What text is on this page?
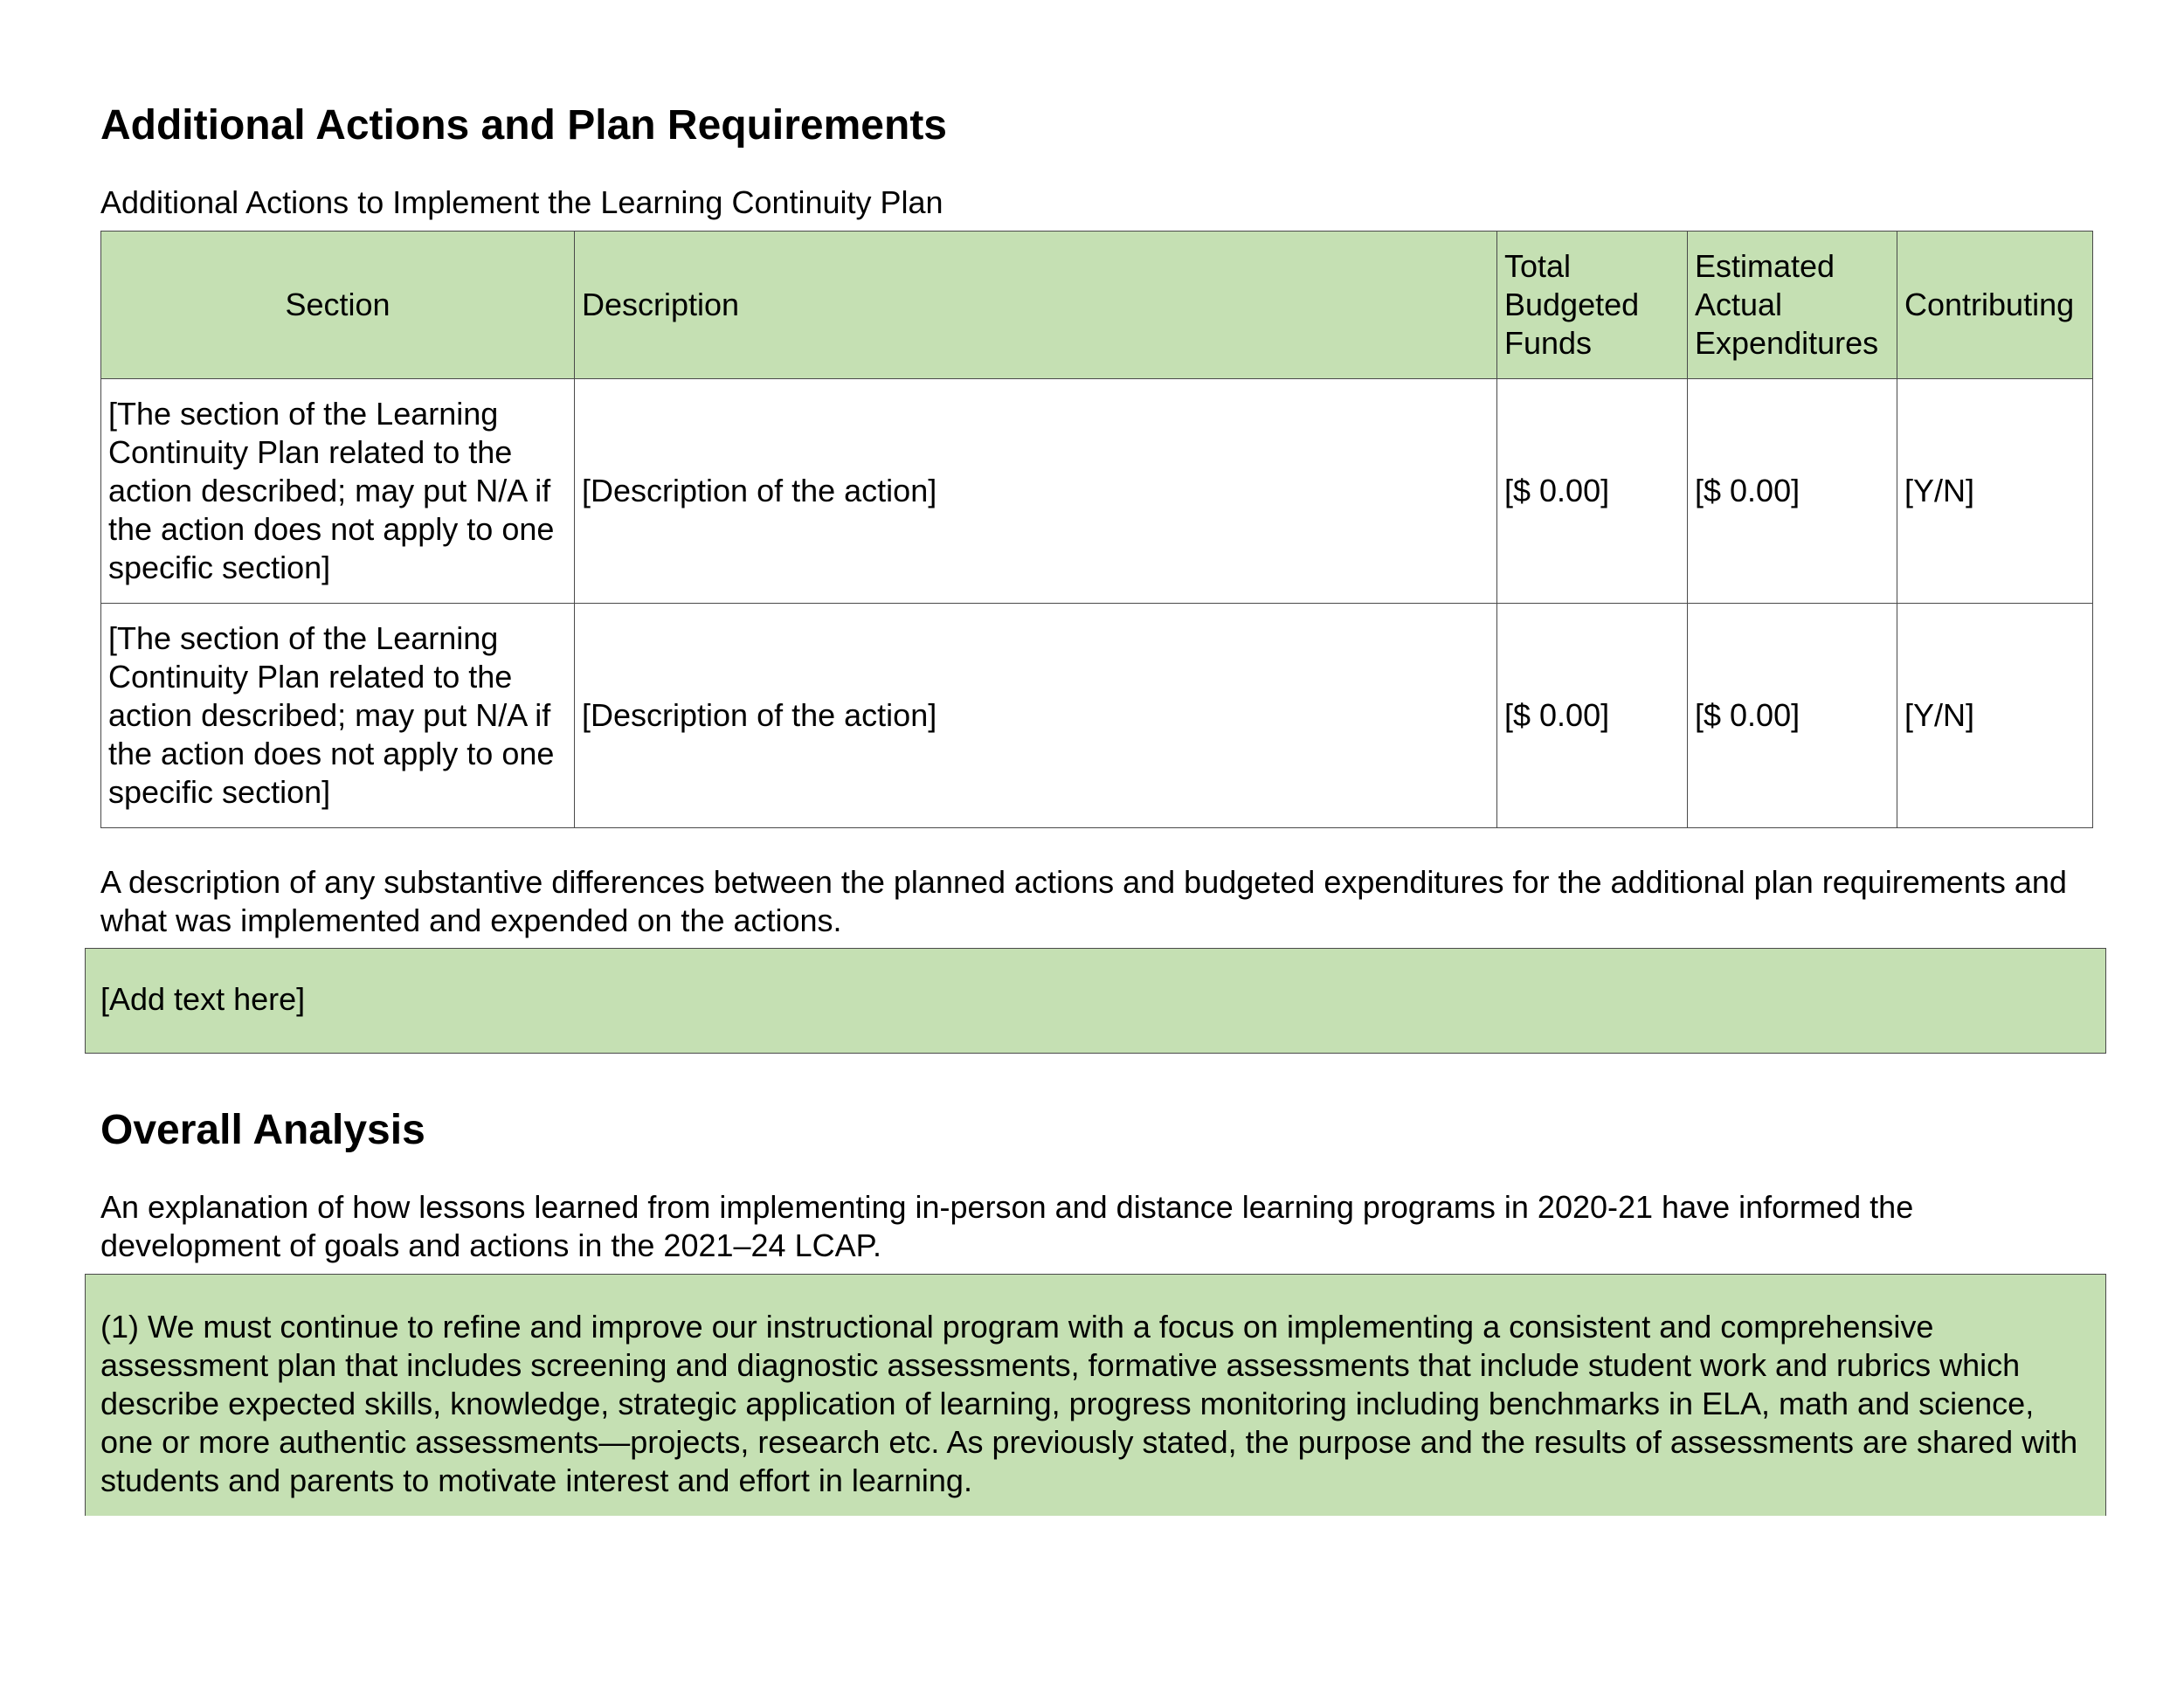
Additional Actions and Plan Requirements

Additional Actions to Implement the Learning Continuity Plan

Section	Description	Total Budgeted Funds	Estimated Actual Expenditures	Contributing
[The section of the Learning Continuity Plan related to the action described; may put N/A if the action does not apply to one specific section]	[Description of the action]	[$ 0.00]	[$ 0.00]	[Y/N]
[The section of the Learning Continuity Plan related to the action described; may put N/A if the action does not apply to one specific section]	[Description of the action]	[$ 0.00]	[$ 0.00]	[Y/N]

A description of any substantive differences between the planned actions and budgeted expenditures for the additional plan requirements and what was implemented and expended on the actions.

[Add text here]
Overall Analysis

An explanation of how lessons learned from implementing in-person and distance learning programs in 2020-21 have informed the development of goals and actions in the 2021–24 LCAP.

(1) We must continue to refine and improve our instructional program with a focus on implementing a consistent and comprehensive assessment plan that includes screening and diagnostic assessments, formative assessments that include student work and rubrics which describe expected skills, knowledge, strategic application of learning, progress monitoring including benchmarks in ELA, math and science, one or more authentic assessments—projects, research etc. As previously stated, the purpose and the results of assessments are shared with students and parents to motivate interest and effort in learning.
